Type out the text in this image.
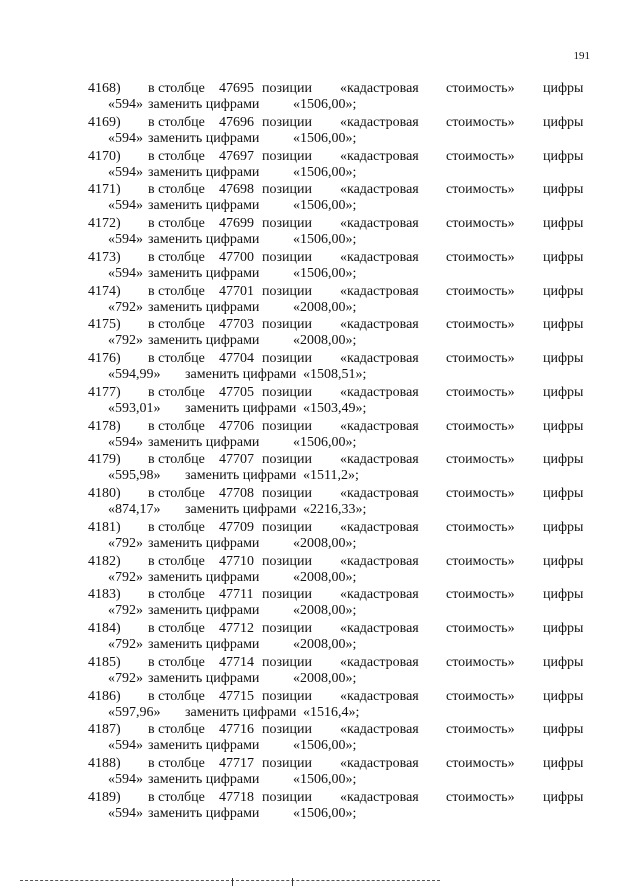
191
4168) в столбце 47695 позиции «кадастровая стоимость» цифры
«594» заменить цифрами «1506,00»;
4169) в столбце 47696 позиции «кадастровая стоимость» цифры
«594» заменить цифрами «1506,00»;
4170) в столбце 47697 позиции «кадастровая стоимость» цифры
«594» заменить цифрами «1506,00»;
4171) в столбце 47698 позиции «кадастровая стоимость» цифры
«594» заменить цифрами «1506,00»;
4172) в столбце 47699 позиции «кадастровая стоимость» цифры
«594» заменить цифрами «1506,00»;
4173) в столбце 47700 позиции «кадастровая стоимость» цифры
«594» заменить цифрами «1506,00»;
4174) в столбце 47701 позиции «кадастровая стоимость» цифры
«792» заменить цифрами «2008,00»;
4175) в столбце 47703 позиции «кадастровая стоимость» цифры
«792» заменить цифрами «2008,00»;
4176) в столбце 47704 позиции «кадастровая стоимость» цифры
«594,99» заменить цифрами «1508,51»;
4177) в столбце 47705 позиции «кадастровая стоимость» цифры
«593,01» заменить цифрами «1503,49»;
4178) в столбце 47706 позиции «кадастровая стоимость» цифры
«594» заменить цифрами «1506,00»;
4179) в столбце 47707 позиции «кадастровая стоимость» цифры
«595,98» заменить цифрами «1511,2»;
4180) в столбце 47708 позиции «кадастровая стоимость» цифры
«874,17» заменить цифрами «2216,33»;
4181) в столбце 47709 позиции «кадастровая стоимость» цифры
«792» заменить цифрами «2008,00»;
4182) в столбце 47710 позиции «кадастровая стоимость» цифры
«792» заменить цифрами «2008,00»;
4183) в столбце 47711 позиции «кадастровая стоимость» цифры
«792» заменить цифрами «2008,00»;
4184) в столбце 47712 позиции «кадастровая стоимость» цифры
«792» заменить цифрами «2008,00»;
4185) в столбце 47714 позиции «кадастровая стоимость» цифры
«792» заменить цифрами «2008,00»;
4186) в столбце 47715 позиции «кадастровая стоимость» цифры
«597,96» заменить цифрами «1516,4»;
4187) в столбце 47716 позиции «кадастровая стоимость» цифры
«594» заменить цифрами «1506,00»;
4188) в столбце 47717 позиции «кадастровая стоимость» цифры
«594» заменить цифрами «1506,00»;
4189) в столбце 47718 позиции «кадастровая стоимость» цифры
«594» заменить цифрами «1506,00»;
